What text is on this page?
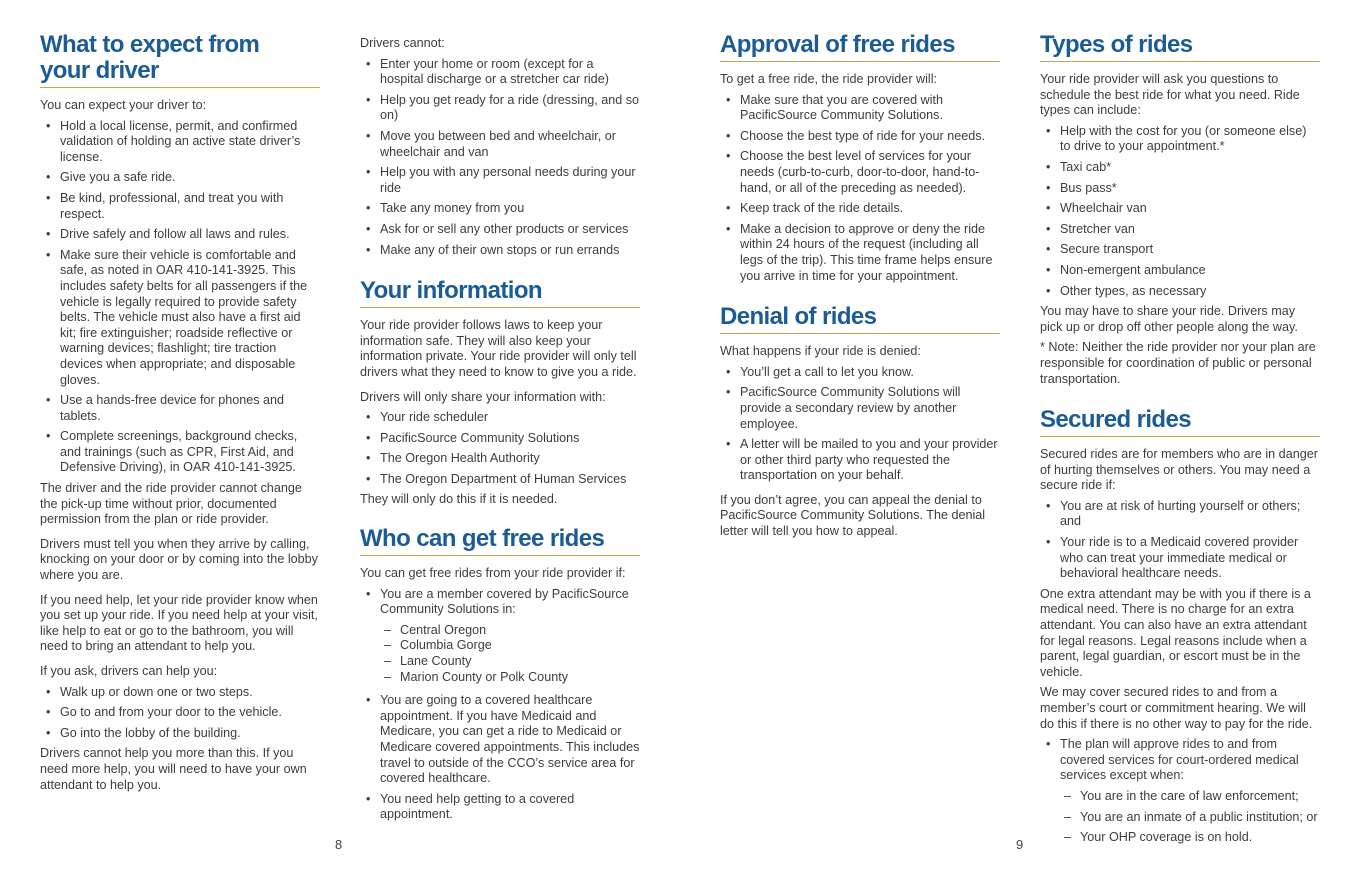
What to expect from
your driver

You can expect your driver to:

• Hold a local license, permit, and confirmed validation of holding an active state driver’s license.
• Give you a safe ride.
• Be kind, professional, and treat you with respect.
• Drive safely and follow all laws and rules.
• Make sure their vehicle is comfortable and safe, as noted in OAR 410-141-3925. This includes safety belts for all passengers if the vehicle is legally required to provide safety belts. The vehicle must also have a first aid kit; fire extinguisher; roadside reflective or warning devices; flashlight; tire traction devices when appropriate; and disposable gloves.
• Use a hands-free device for phones and tablets.
• Complete screenings, background checks, and trainings (such as CPR, First Aid, and Defensive Driving), in OAR 410-141-3925.

The driver and the ride provider cannot change the pick-up time without prior, documented permission from the plan or ride provider.

Drivers must tell you when they arrive by calling, knocking on your door or by coming into the lobby where you are.

If you need help, let your ride provider know when you set up your ride. If you need help at your visit, like help to eat or go to the bathroom, you will need to bring an attendant to help you.

If you ask, drivers can help you:

• Walk up or down one or two steps.
• Go to and from your door to the vehicle.
• Go into the lobby of the building.

Drivers cannot help you more than this. If you need more help, you will need to have your own attendant to help you.

Drivers cannot:

• Enter your home or room (except for a hospital discharge or a stretcher car ride)
• Help you get ready for a ride (dressing, and so on)
• Move you between bed and wheelchair, or wheelchair and van
• Help you with any personal needs during your ride
• Take any money from you
• Ask for or sell any other products or services
• Make any of their own stops or run errands
Your information

Your ride provider follows laws to keep your information safe. They will also keep your information private. Your ride provider will only tell drivers what they need to know to give you a ride.

Drivers will only share your information with:

• Your ride scheduler
• PacificSource Community Solutions
• The Oregon Health Authority
• The Oregon Department of Human Services

They will only do this if it is needed.

Who can get free rides

You can get free rides from your ride provider if:

• You are a member covered by PacificSource Community Solutions in:
– Central Oregon
– Columbia Gorge
– Lane County
– Marion County or Polk County
• You are going to a covered healthcare appointment. If you have Medicaid and Medicare, you can get a ride to Medicaid or Medicare covered appointments. This includes travel to outside of the CCO’s service area for covered healthcare.
• You need help getting to a covered appointment.
Approval of free rides

To get a free ride, the ride provider will:

• Make sure that you are covered with PacificSource Community Solutions.
• Choose the best type of ride for your needs.
• Choose the best level of services for your needs (curb-to-curb, door-to-door, hand-to-hand, or all of the preceding as needed).
• Keep track of the ride details.
• Make a decision to approve or deny the ride within 24 hours of the request (including all legs of the trip). This time frame helps ensure you arrive in time for your appointment.
Denial of rides

What happens if your ride is denied:

• You’ll get a call to let you know.
• PacificSource Community Solutions will provide a secondary review by another employee.
• A letter will be mailed to you and your provider or other third party who requested the transportation on your behalf.

If you don’t agree, you can appeal the denial to PacificSource Community Solutions. The denial letter will tell you how to appeal.

Types of rides

Your ride provider will ask you questions to schedule the best ride for what you need. Ride types can include:

• Help with the cost for you (or someone else) to drive to your appointment.*
• Taxi cab*
• Bus pass*
• Wheelchair van
• Stretcher van
• Secure transport
• Non-emergent ambulance
• Other types, as necessary

You may have to share your ride. Drivers may pick up or drop off other people along the way.

* Note: Neither the ride provider nor your plan are responsible for coordination of public or personal transportation.

Secured rides

Secured rides are for members who are in danger of hurting themselves or others. You may need a secure ride if:

• You are at risk of hurting yourself or others; and
• Your ride is to a Medicaid covered provider who can treat your immediate medical or behavioral healthcare needs.

One extra attendant may be with you if there is a medical need. There is no charge for an extra attendant. You can also have an extra attendant for legal reasons. Legal reasons include when a parent, legal guardian, or escort must be in the vehicle.

We may cover secured rides to and from a member’s court or commitment hearing. We will do this if there is no other way to pay for the ride.

• The plan will approve rides to and from covered services for court-ordered medical services except when:
– You are in the care of law enforcement;
– You are an inmate of a public institution; or
– Your OHP coverage is on hold.
8	9
